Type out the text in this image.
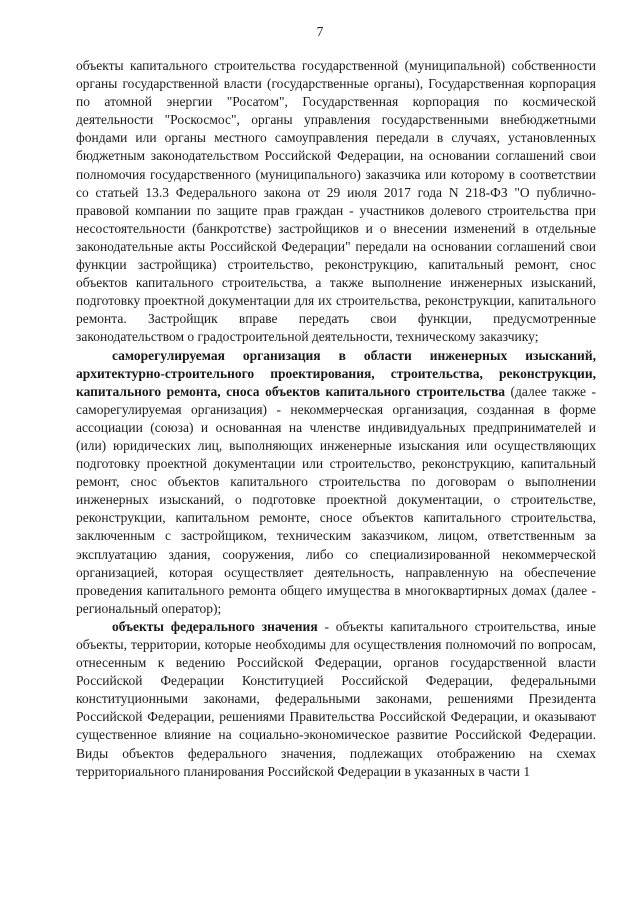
7

объекты капитального строительства государственной (муниципальной) собственности органы государственной власти (государственные органы), Государственная корпорация по атомной энергии "Росатом", Государственная корпорация по космической деятельности "Роскосмос", органы управления государственными внебюджетными фондами или органы местного самоуправления передали в случаях, установленных бюджетным законодательством Российской Федерации, на основании соглашений свои полномочия государственного (муниципального) заказчика или которому в соответствии со статьей 13.3 Федерального закона от 29 июля 2017 года N 218-ФЗ "О публично-правовой компании по защите прав граждан - участников долевого строительства при несостоятельности (банкротстве) застройщиков и о внесении изменений в отдельные законодательные акты Российской Федерации" передали на основании соглашений свои функции застройщика) строительство, реконструкцию, капитальный ремонт, снос объектов капитального строительства, а также выполнение инженерных изысканий, подготовку проектной документации для их строительства, реконструкции, капитального ремонта. Застройщик вправе передать свои функции, предусмотренные законодательством о градостроительной деятельности, техническому заказчику;

саморегулируемая организация в области инженерных изысканий, архитектурно-строительного проектирования, строительства, реконструкции, капитального ремонта, сноса объектов капитального строительства (далее также - саморегулируемая организация) - некоммерческая организация, созданная в форме ассоциации (союза) и основанная на членстве индивидуальных предпринимателей и (или) юридических лиц, выполняющих инженерные изыскания или осуществляющих подготовку проектной документации или строительство, реконструкцию, капитальный ремонт, снос объектов капитального строительства по договорам о выполнении инженерных изысканий, о подготовке проектной документации, о строительстве, реконструкции, капитальном ремонте, сносе объектов капитального строительства, заключенным с застройщиком, техническим заказчиком, лицом, ответственным за эксплуатацию здания, сооружения, либо со специализированной некоммерческой организацией, которая осуществляет деятельность, направленную на обеспечение проведения капитального ремонта общего имущества в многоквартирных домах (далее - региональный оператор);

объекты федерального значения - объекты капитального строительства, иные объекты, территории, которые необходимы для осуществления полномочий по вопросам, отнесенным к ведению Российской Федерации, органов государственной власти Российской Федерации Конституцией Российской Федерации, федеральными конституционными законами, федеральными законами, решениями Президента Российской Федерации, решениями Правительства Российской Федерации, и оказывают существенное влияние на социально-экономическое развитие Российской Федерации. Виды объектов федерального значения, подлежащих отображению на схемах территориального планирования Российской Федерации в указанных в части 1
